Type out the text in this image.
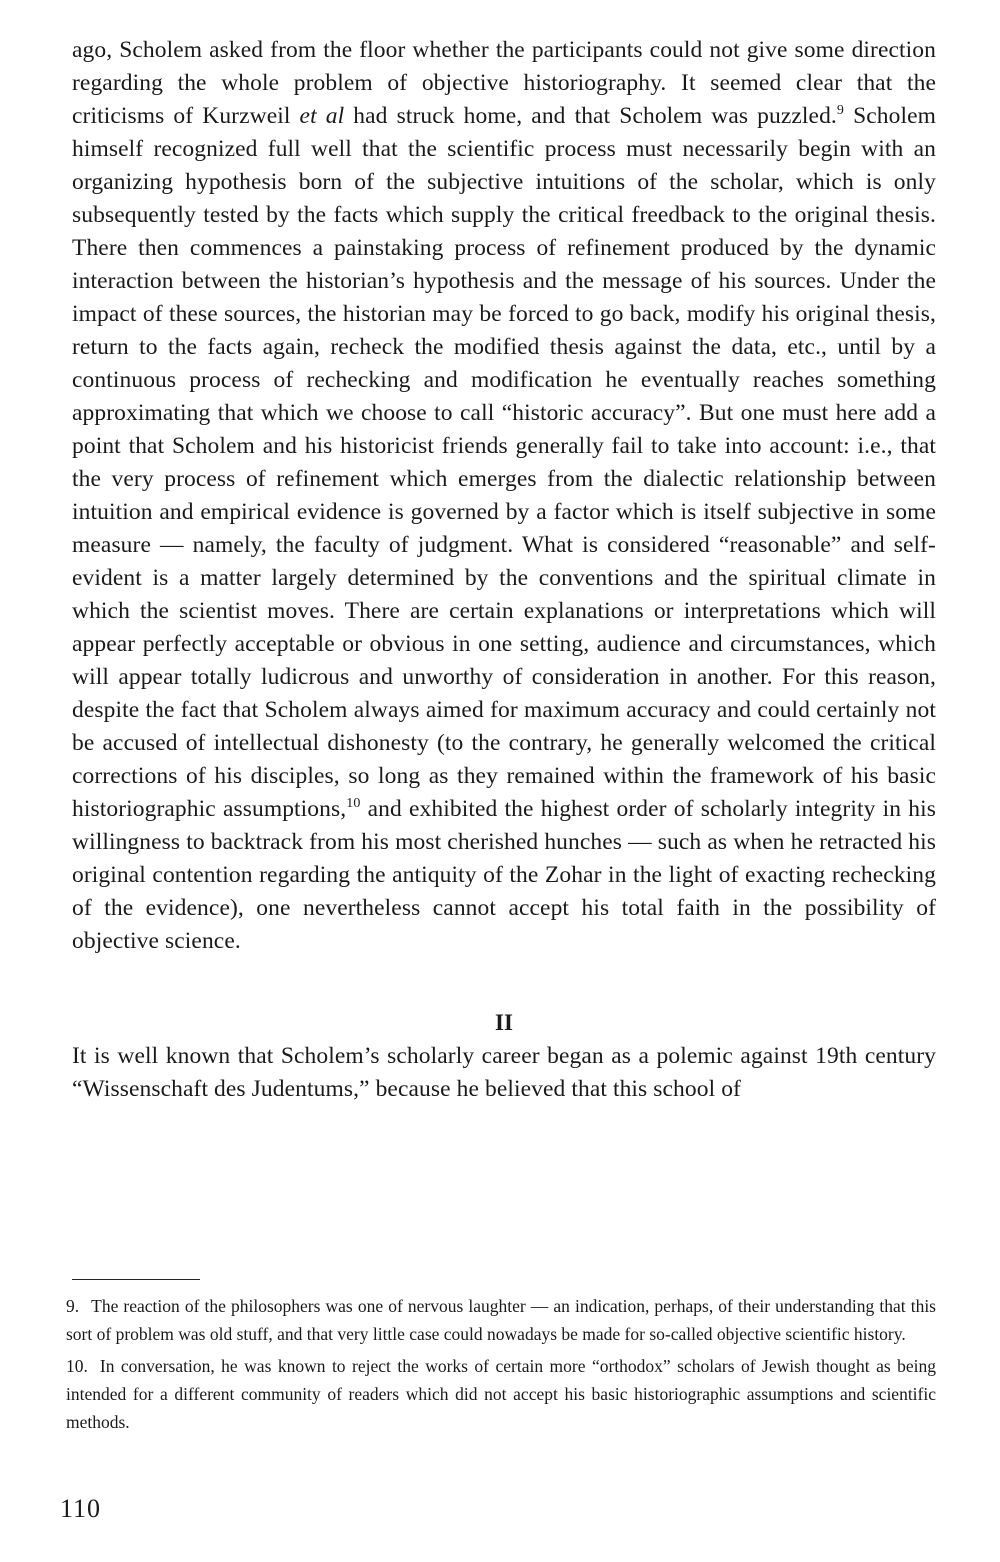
ago, Scholem asked from the floor whether the participants could not give some direction regarding the whole problem of objective historiography. It seemed clear that the criticisms of Kurzweil et al had struck home, and that Scholem was puzzled.$^9$ Scholem himself recognized full well that the scientific process must necessarily begin with an organizing hypothesis born of the subjective intuitions of the scholar, which is only subsequently tested by the facts which supply the critical freedback to the original thesis. There then commences a painstaking process of refinement produced by the dynamic interaction between the historian’s hypothesis and the message of his sources. Under the impact of these sources, the historian may be forced to go back, modify his original thesis, return to the facts again, recheck the modified thesis against the data, etc., until by a continuous process of rechecking and modification he eventually reaches something approximating that which we choose to call “historic accuracy”. But one must here add a point that Scholem and his historicist friends generally fail to take into account: i.e., that the very process of refinement which emerges from the dialectic relationship between intuition and empirical evidence is governed by a factor which is itself subjective in some measure — namely, the faculty of judgment. What is considered “reasonable” and self-evident is a matter largely determined by the conventions and the spiritual climate in which the scientist moves. There are certain explanations or interpretations which will appear perfectly acceptable or obvious in one setting, audience and circumstances, which will appear totally ludicrous and unworthy of consideration in another. For this reason, despite the fact that Scholem always aimed for maximum accuracy and could certainly not be accused of intellectual dishonesty (to the contrary, he generally welcomed the critical corrections of his disciples, so long as they remained within the framework of his basic historiographic assumptions,$^{10}$ and exhibited the highest order of scholarly integrity in his willingness to backtrack from his most cherished hunches — such as when he retracted his original contention regarding the antiquity of the Zohar in the light of exacting rechecking of the evidence), one nevertheless cannot accept his total faith in the possibility of objective science.

II

It is well known that Scholem’s scholarly career began as a polemic against 19th century “Wissenschaft des Judentums,” because he believed that this school of

9. The reaction of the philosophers was one of nervous laughter — an indication, perhaps, of their understanding that this sort of problem was old stuff, and that very little case could nowadays be made for so-called objective scientific history.

10. In conversation, he was known to reject the works of certain more “orthodox” scholars of Jewish thought as being intended for a different community of readers which did not accept his basic historiographic assumptions and scientific methods.

110
